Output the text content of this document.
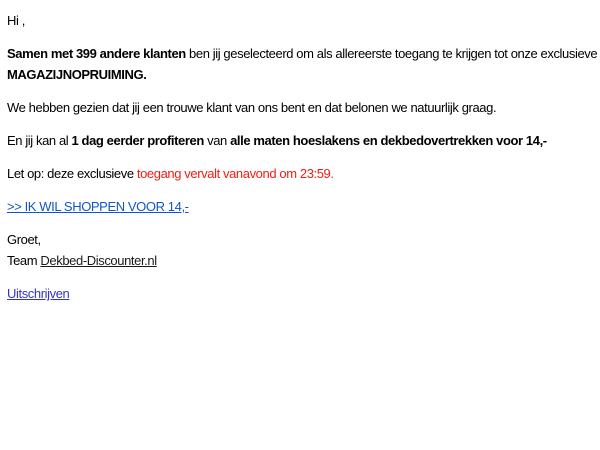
Hi ,

Samen met 399 andere klanten ben jij geselecteerd om als allereerste toegang te krijgen tot onze exclusieve
MAGAZIJNOPRUIMING.

We hebben gezien dat jij een trouwe klant van ons bent en dat belonen we natuurlijk graag.

En jij kan al 1 dag eerder profiteren van alle maten hoeslakens en dekbedovertrekken voor 14,-

Let op: deze exclusieve toegang vervalt vanavond om 23:59.

>> IK WIL SHOPPEN VOOR 14,-

Groet,
Team Dekbed-Discounter.nl

Uitschrijven
